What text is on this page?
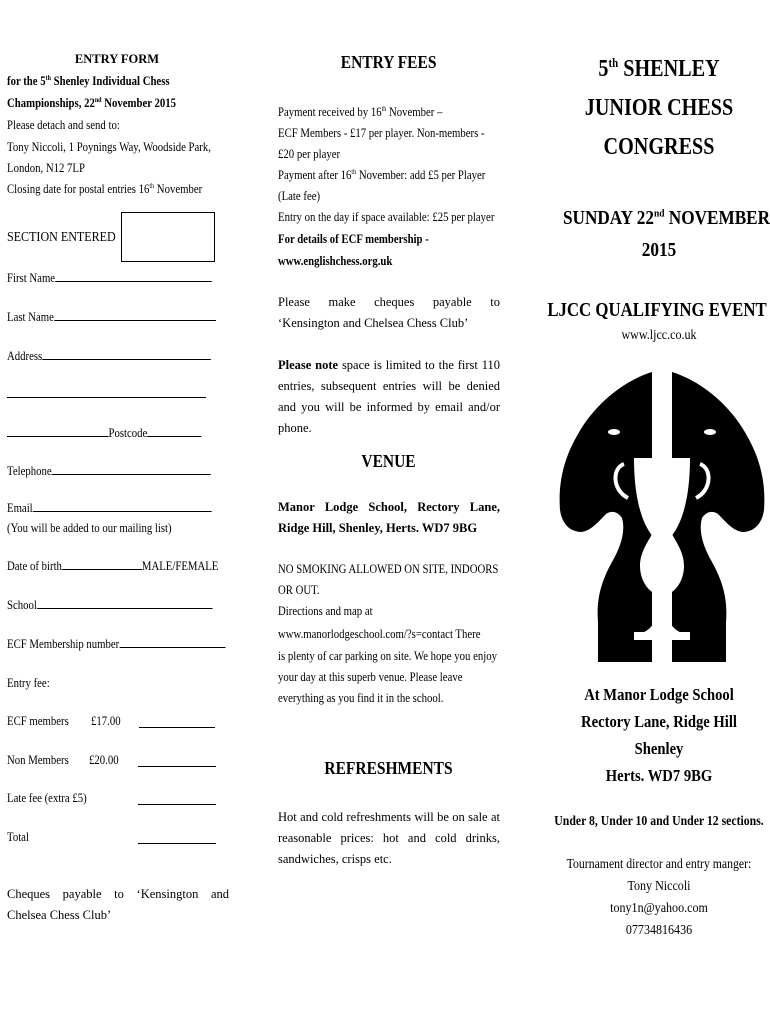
ENTRY FORM
for the 5th Shenley Individual Chess
Championships, 22nd November 2015
Please detach and send to:
Tony Niccoli, 1 Poynings Way, Woodside Park,
London, N12 7LP
Closing date for postal entries 16th November
SECTION ENTERED
First Name
Last Name
Address
Postcode
Telephone
Email
(You will be added to our mailing list)
Date of birth	MALE/FEMALE
School
ECF Membership number
Entry fee:
ECF members £17.00
Non Members £20.00
Late fee (extra £5)
Total
Cheques payable to ‘Kensington and Chelsea Chess Club’
ENTRY FEES
Payment received by 16th November –
ECF Members - £17 per player. Non-members -
£20 per player
Payment after 16th November: add £5 per Player
(Late fee)
Entry on the day if space available: £25 per player
For details of ECF membership -
www.englishchess.org.uk
Please make cheques payable to ‘Kensington and Chelsea Chess Club’
Please note space is limited to the first 110 entries, subsequent entries will be denied and you will be informed by email and/or phone.
VENUE
Manor Lodge School, Rectory Lane, Ridge Hill, Shenley, Herts. WD7 9BG
NO SMOKING ALLOWED ON SITE, INDOORS
OR OUT.
Directions and map at
www.manorlodgeschool.com/?s=contact There
is plenty of car parking on site. We hope you enjoy
your day at this superb venue. Please leave
everything as you find it in the school.
REFRESHMENTS
Hot and cold refreshments will be on sale at reasonable prices: hot and cold drinks, sandwiches, crisps etc.
5th SHENLEY
JUNIOR CHESS
CONGRESS
SUNDAY 22nd NOVEMBER
2015
LJCC QUALIFYING EVENT
www.ljcc.co.uk
At Manor Lodge School
Rectory Lane, Ridge Hill
Shenley
Herts. WD7 9BG
Under 8, Under 10 and Under 12 sections.
Tournament director and entry manger:
Tony Niccoli
tony1n@yahoo.com
07734816436
